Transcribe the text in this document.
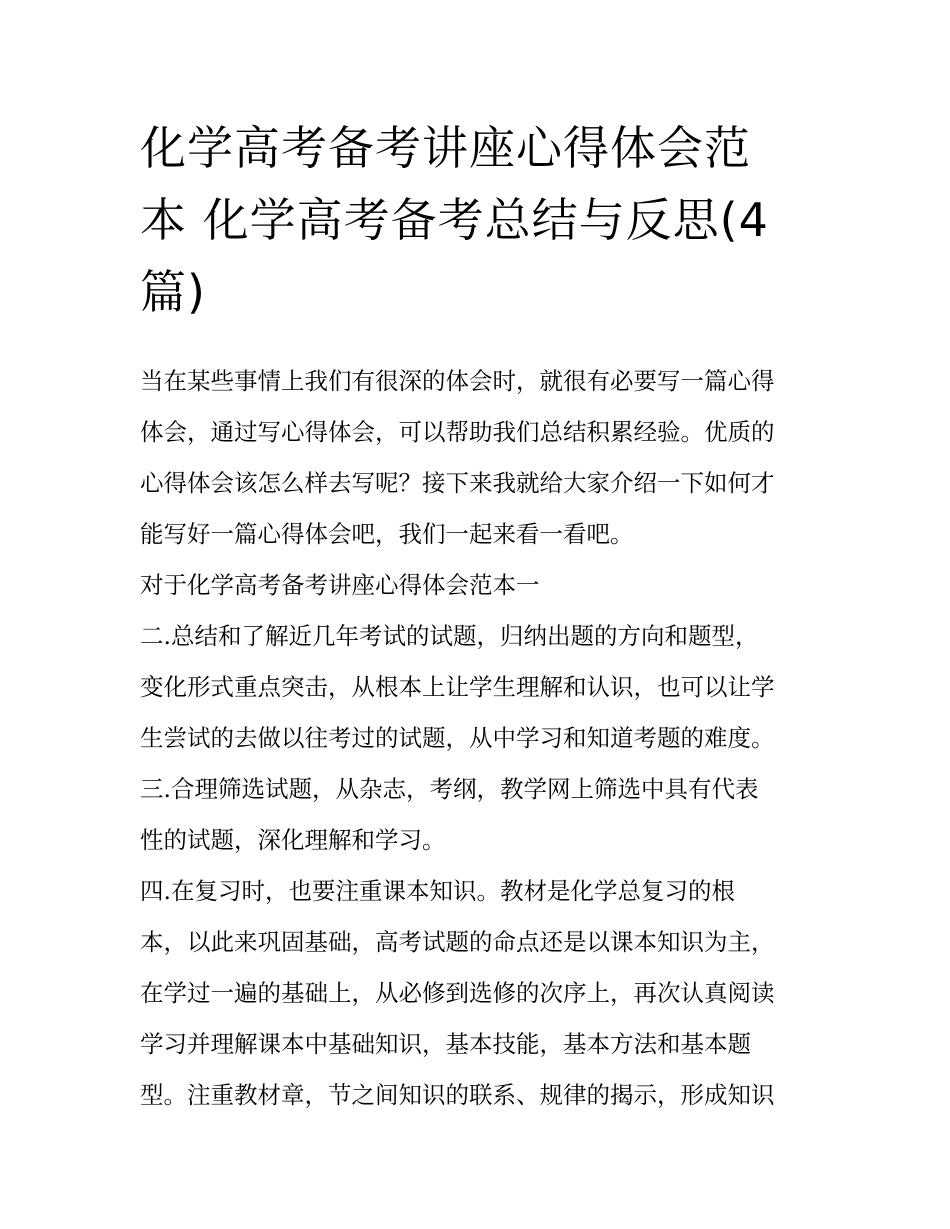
化学高考备考讲座心得体会范
本 化学高考备考总结与反思(4
篇)
当在某些事情上我们有很深的体会时，就很有必要写一篇心得
体会，通过写心得体会，可以帮助我们总结积累经验。优质的
心得体会该怎么样去写呢？接下来我就给大家介绍一下如何才
能写好一篇心得体会吧，我们一起来看一看吧。
对于化学高考备考讲座心得体会范本一
二.总结和了解近几年考试的试题，归纳出题的方向和题型，
变化形式重点突击，从根本上让学生理解和认识，也可以让学
生尝试的去做以往考过的试题，从中学习和知道考题的难度。
三.合理筛选试题，从杂志，考纲，教学网上筛选中具有代表
性的试题，深化理解和学习。
四.在复习时，也要注重课本知识。教材是化学总复习的根
本，以此来巩固基础，高考试题的命点还是以课本知识为主，
在学过一遍的基础上，从必修到选修的次序上，再次认真阅读
学习并理解课本中基础知识，基本技能，基本方法和基本题
型。注重教材章，节之间知识的联系、规律的揭示，形成知识
